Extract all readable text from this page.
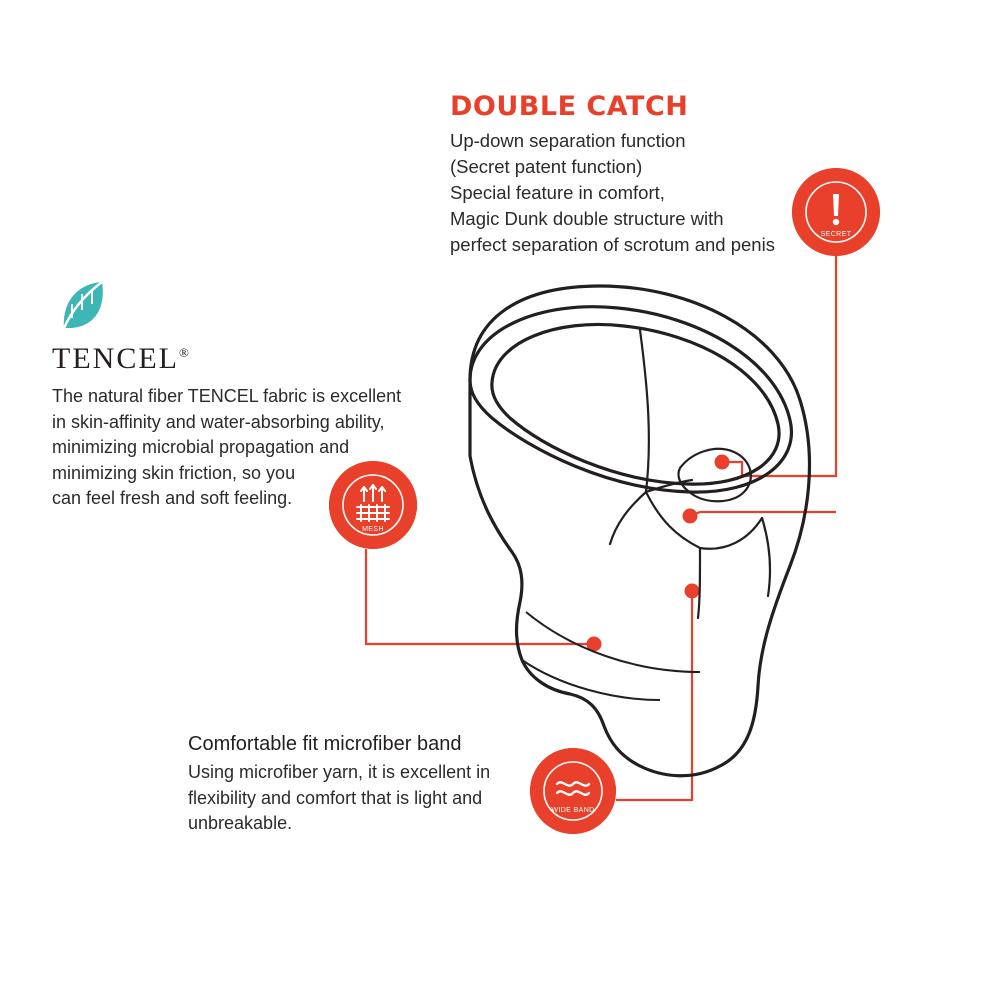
DOUBLE CATCH

Up-down separation function

(Secret patent function)

Special feature in comfort,

Magic Dunk double structure with

perfect separation of scrotum and penis

TENCEL®

The natural fiber TENCEL fabric is excellent

in skin-affinity and water-absorbing ability,

minimizing microbial propagation and

minimizing skin friction, so you

can feel fresh and soft feeling.

Comfortable fit microfiber band

Using microfiber yarn, it is excellent in

flexibility and comfort that is light and

unbreakable.

SECRET
MESH
WIDE BAND
